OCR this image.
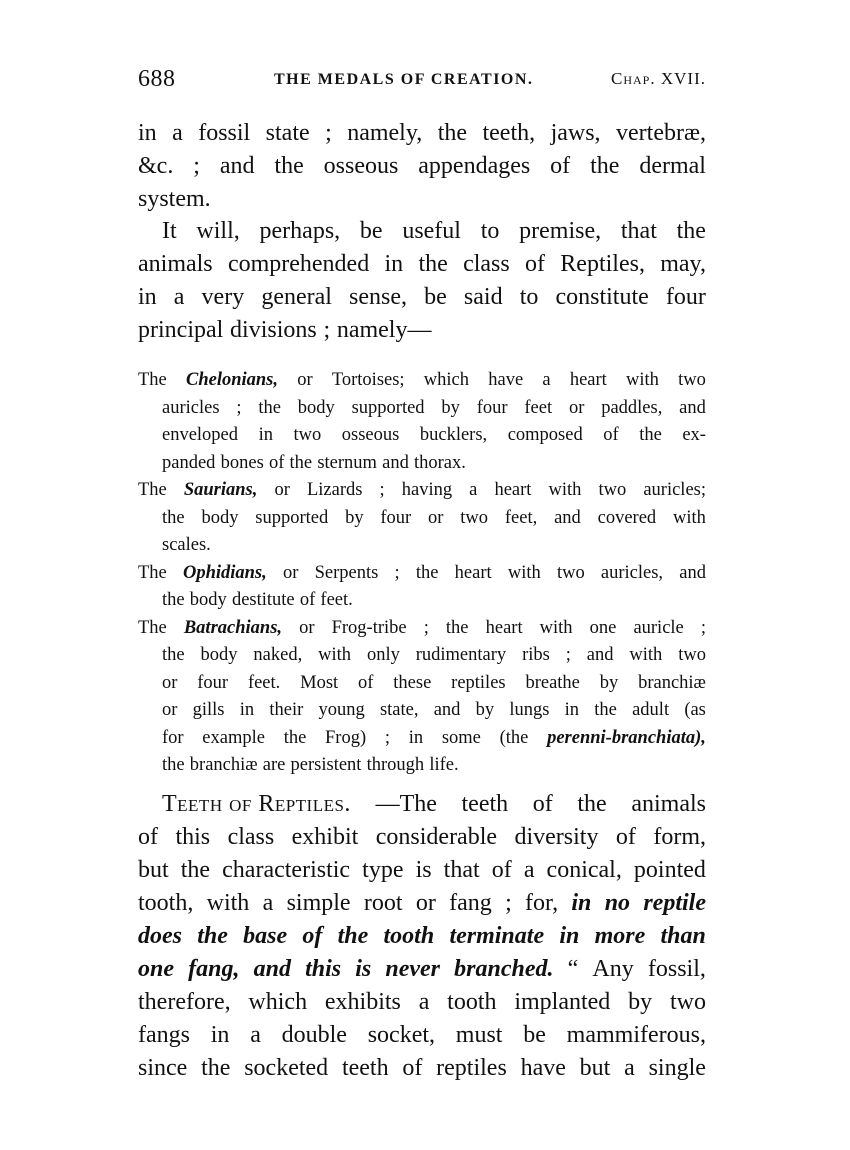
688	THE MEDALS OF CREATION.	Chap. XVII.
in a fossil state ; namely, the teeth, jaws, vertebræ,
&c. ; and the osseous appendages of the dermal
system.
It will, perhaps, be useful to premise, that the
animals comprehended in the class of Reptiles, may,
in a very general sense, be said to constitute four
principal divisions ; namely—
The Chelonians, or Tortoises; which have a heart with two
auricles ; the body supported by four feet or paddles, and
enveloped in two osseous bucklers, composed of the ex-
panded bones of the sternum and thorax.
The Saurians, or Lizards ; having a heart with two auricles;
the body supported by four or two feet, and covered with
scales.
The Ophidians, or Serpents ; the heart with two auricles, and
the body destitute of feet.
The Batrachians, or Frog-tribe ; the heart with one auricle ;
the body naked, with only rudimentary ribs ; and with two
or four feet. Most of these reptiles breathe by branchiæ
or gills in their young state, and by lungs in the adult (as
for example the Frog) ; in some (the perenni-branchiata),
the branchiæ are persistent through life.
Teeth of Reptiles. —The teeth of the animals
of this class exhibit considerable diversity of form,
but the characteristic type is that of a conical, pointed
tooth, with a simple root or fang ; for, in no reptile
does the base of the tooth terminate in more than
one fang, and this is never branched. “ Any fossil,
therefore, which exhibits a tooth implanted by two
fangs in a double socket, must be mammiferous,
since the socketed teeth of reptiles have but a single
